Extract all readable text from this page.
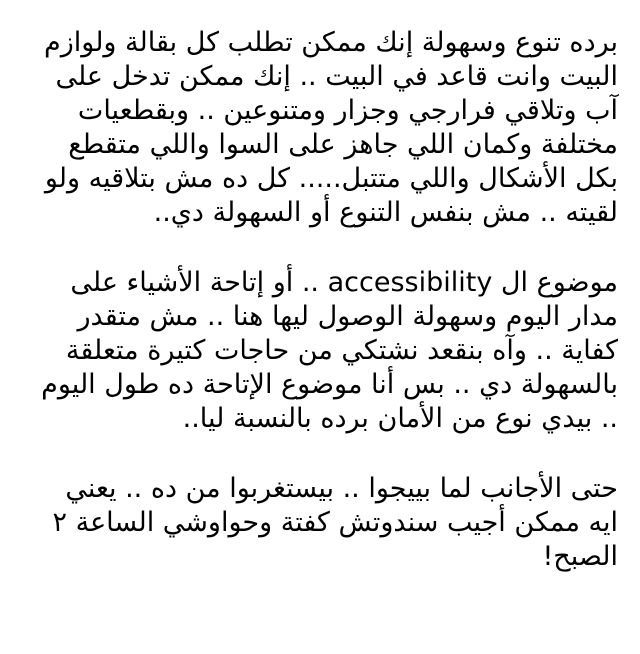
برده تنوع وسهولة إنك ممكن تطلب كل بقالة ولوازم
البيت وانت قاعد في البيت .. إنك ممكن تدخل على
آب وتلاقي فرارجي وجزار ومتنوعين .. وبقطعيات
مختلفة وكمان اللي جاهز على السوا واللي متقطع
بكل الأشكال واللي متتبل..... كل ده مش بتلاقيه ولو
لقيته .. مش بنفس التنوع أو السهولة دي..
موضوع ال accessibility .. أو إتاحة الأشياء على
مدار اليوم وسهولة الوصول ليها هنا .. مش متقدر
كفاية .. وآه بنقعد نشتكي من حاجات كتيرة متعلقة
بالسهولة دي .. بس أنا موضوع الإتاحة ده طول اليوم
.. بيدي نوع من الأمان برده بالنسبة ليا..
حتى الأجانب لما بييجوا .. بيستغربوا من ده .. يعني
ايه ممكن أجيب سندوتش كفتة وحواوشي الساعة ٢
الصبح!
